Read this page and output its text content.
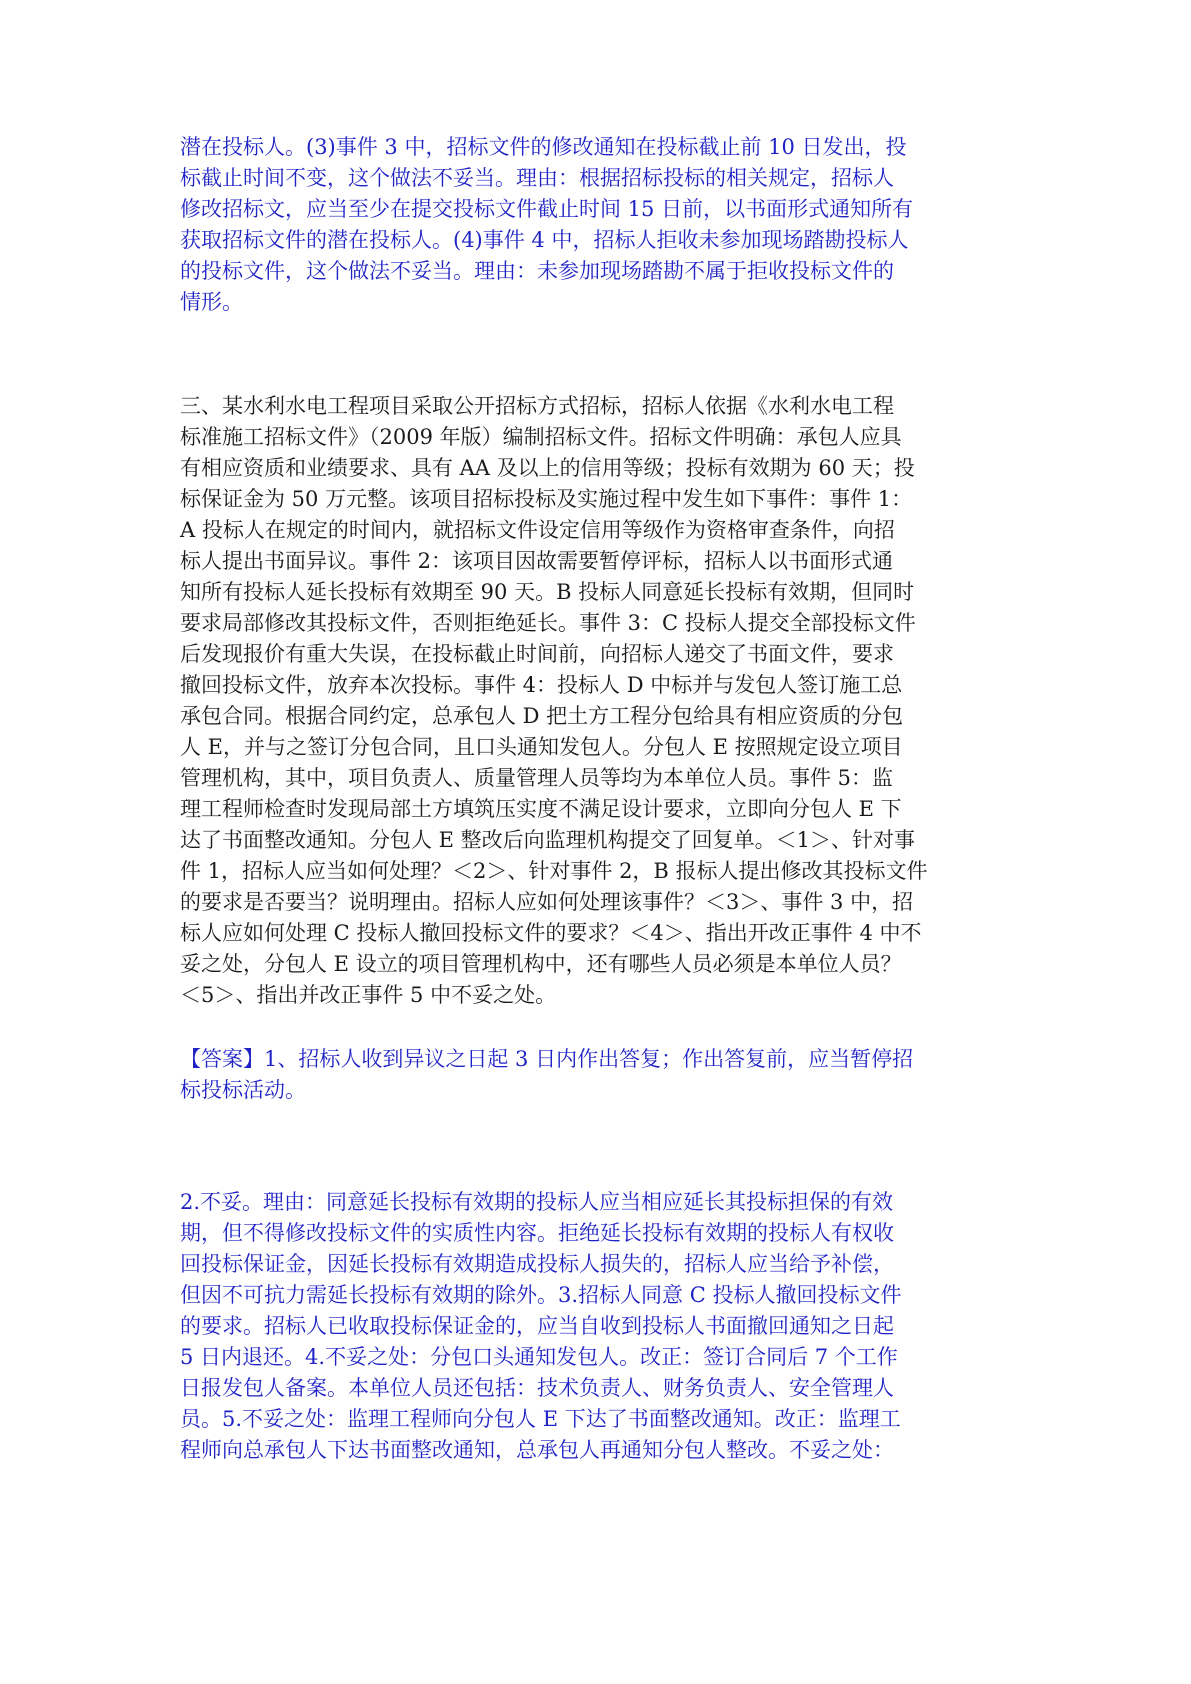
潜在投标人。(3)事件 3 中，招标文件的修改通知在投标截止前 10 日发出，投
标截止时间不变，这个做法不妥当。理由：根据招标投标的相关规定，招标人
修改招标文，应当至少在提交投标文件截止时间 15 日前，以书面形式通知所有
获取招标文件的潜在投标人。(4)事件 4 中，招标人拒收未参加现场踏勘投标人
的投标文件，这个做法不妥当。理由：未参加现场踏勘不属于拒收投标文件的
情形。
三、某水利水电工程项目采取公开招标方式招标，招标人依据《水利水电工程
标准施工招标文件》（2009 年版）编制招标文件。招标文件明确：承包人应具
有相应资质和业绩要求、具有 AA 及以上的信用等级；投标有效期为 60 天；投
标保证金为 50 万元整。该项目招标投标及实施过程中发生如下事件：事件 1：
A 投标人在规定的时间内，就招标文件设定信用等级作为资格审查条件，向招
标人提出书面异议。事件 2：该项目因故需要暂停评标，招标人以书面形式通
知所有投标人延长投标有效期至 90 天。B 投标人同意延长投标有效期，但同时
要求局部修改其投标文件，否则拒绝延长。事件 3：C 投标人提交全部投标文件
后发现报价有重大失误，在投标截止时间前，向招标人递交了书面文件，要求
撤回投标文件，放弃本次投标。事件 4：投标人 D 中标并与发包人签订施工总
承包合同。根据合同约定，总承包人 D 把土方工程分包给具有相应资质的分包
人 E，并与之签订分包合同，且口头通知发包人。分包人 E 按照规定设立项目
管理机构，其中，项目负责人、质量管理人员等均为本单位人员。事件 5：监
理工程师检查时发现局部土方填筑压实度不满足设计要求，立即向分包人 E 下
达了书面整改通知。分包人 E 整改后向监理机构提交了回复单。＜1＞、针对事
件 1，招标人应当如何处理？＜2＞、针对事件 2，B 报标人提出修改其投标文件
的要求是否要当？说明理由。招标人应如何处理该事件？＜3＞、事件 3 中，招
标人应如何处理 C 投标人撤回投标文件的要求？＜4＞、指出开改正事件 4 中不
妥之处，分包人 E 设立的项目管理机构中，还有哪些人员必须是本单位人员？
＜5＞、指出并改正事件 5 中不妥之处。
【答案】1、招标人收到异议之日起 3 日内作出答复；作出答复前，应当暂停招
标投标活动。
2.不妥。理由：同意延长投标有效期的投标人应当相应延长其投标担保的有效
期，但不得修改投标文件的实质性内容。拒绝延长投标有效期的投标人有权收
回投标保证金，因延长投标有效期造成投标人损失的，招标人应当给予补偿，
但因不可抗力需延长投标有效期的除外。3.招标人同意 C 投标人撤回投标文件
的要求。招标人已收取投标保证金的，应当自收到投标人书面撤回通知之日起
5 日内退还。4.不妥之处：分包口头通知发包人。改正：签订合同后 7 个工作
日报发包人备案。本单位人员还包括：技术负责人、财务负责人、安全管理人
员。5.不妥之处：监理工程师向分包人 E 下达了书面整改通知。改正：监理工
程师向总承包人下达书面整改通知，总承包人再通知分包人整改。不妥之处：
